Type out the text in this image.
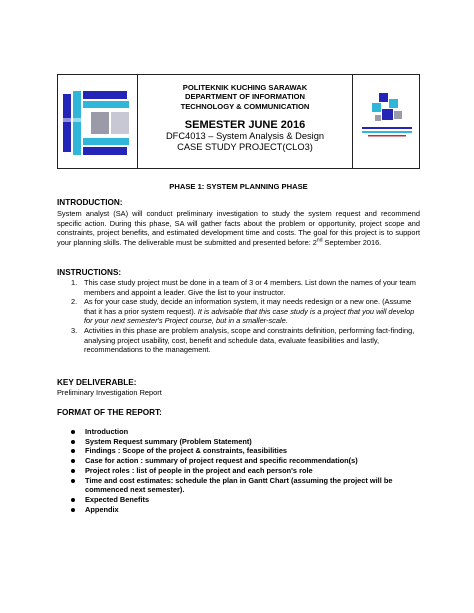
POLITEKNIK KUCHING SARAWAK
DEPARTMENT OF INFORMATION
TECHNOLOGY & COMMUNICATION
SEMESTER JUNE 2016
DFC4013 – System Analysis & Design
CASE STUDY PROJECT(CLO3)
PHASE 1: SYSTEM PLANNING PHASE
INTRODUCTION:
System analyst (SA) will conduct preliminary investigation to study the system request and recommend specific action. During this phase, SA will gather facts about the problem or opportunity, project scope and constraints, project benefits, and estimated development time and costs. The goal for this project is to support your planning skills. The deliverable must be submitted and presented before: 2nd September 2016.
INSTRUCTIONS:
1. This case study project must be done in a team of 3 or 4 members. List down the names of your team members and appoint a leader. Give the list to your instructor.
2. As for your case study, decide an information system, it may needs redesign or a new one. (Assume that it has a prior system request). It is advisable that this case study is a project that you will develop for your next semester's Project course, but in a smaller-scale.
3. Activities in this phase are problem analysis, scope and constraints definition, performing fact-finding, analysing project usability, cost, benefit and schedule data, evaluate feasibilities and lastly, recommendations to the management.
KEY DELIVERABLE:
Preliminary Investigation Report
FORMAT OF THE REPORT:
Introduction
System Request summary (Problem Statement)
Findings : Scope of the project & constraints, feasibilities
Case for action : summary of project request and specific recommendation(s)
Project roles : list of people in the project and each person's role
Time and cost estimates: schedule the plan in Gantt Chart (assuming the project will be commenced next semester).
Expected Benefits
Appendix
